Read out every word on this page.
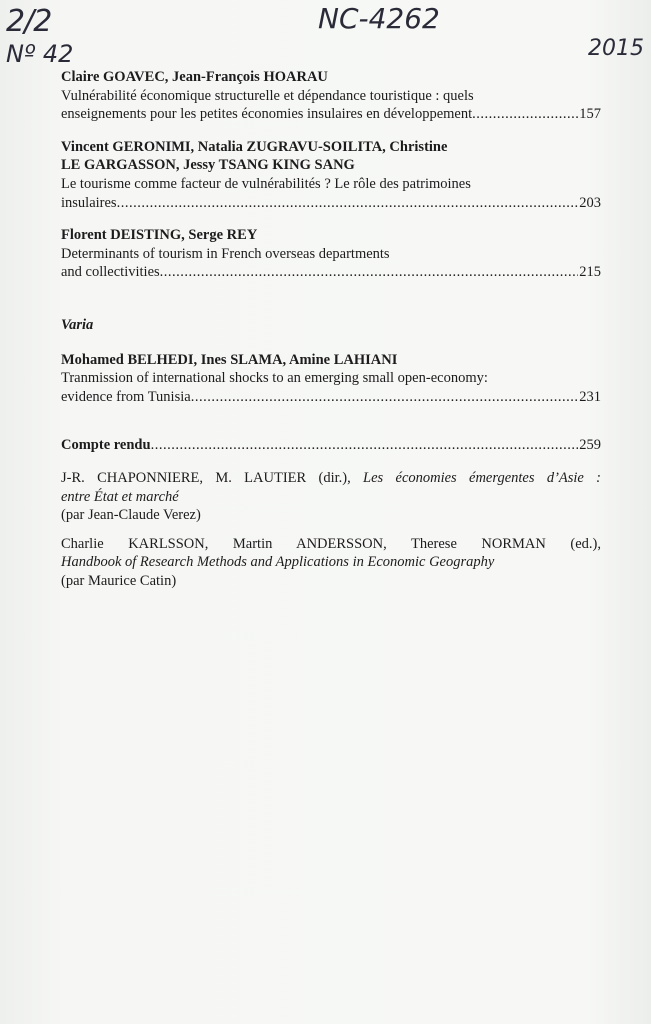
2/2
Nº 42
NC-4262
2015
Claire GOAVEC, Jean-François HOARAU
Vulnérabilité économique structurelle et dépendance touristique : quels
enseignements pour les petites économies insulaires en développement .....	157
Vincent GERONIMI, Natalia ZUGRAVU-SOILITA, Christine
LE GARGASSON, Jessy TSANG KING SANG
Le tourisme comme facteur de vulnérabilités ? Le rôle des patrimoines
insulaires .....	203
Florent DEISTING, Serge REY
Determinants of tourism in French overseas departments
and collectivities .....	215
Varia
Mohamed BELHEDI, Ines SLAMA, Amine LAHIANI
Tranmission of international shocks to an emerging small open-economy:
evidence from Tunisia .....	231
Compte rendu .....	259
J-R. CHAPONNIERE, M. LAUTIER (dir.), Les économies émergentes d’Asie :
entre État et marché
(par Jean-Claude Verez)
Charlie KARLSSON, Martin ANDERSSON, Therese NORMAN (ed.),
Handbook of Research Methods and Applications in Economic Geography
(par Maurice Catin)
